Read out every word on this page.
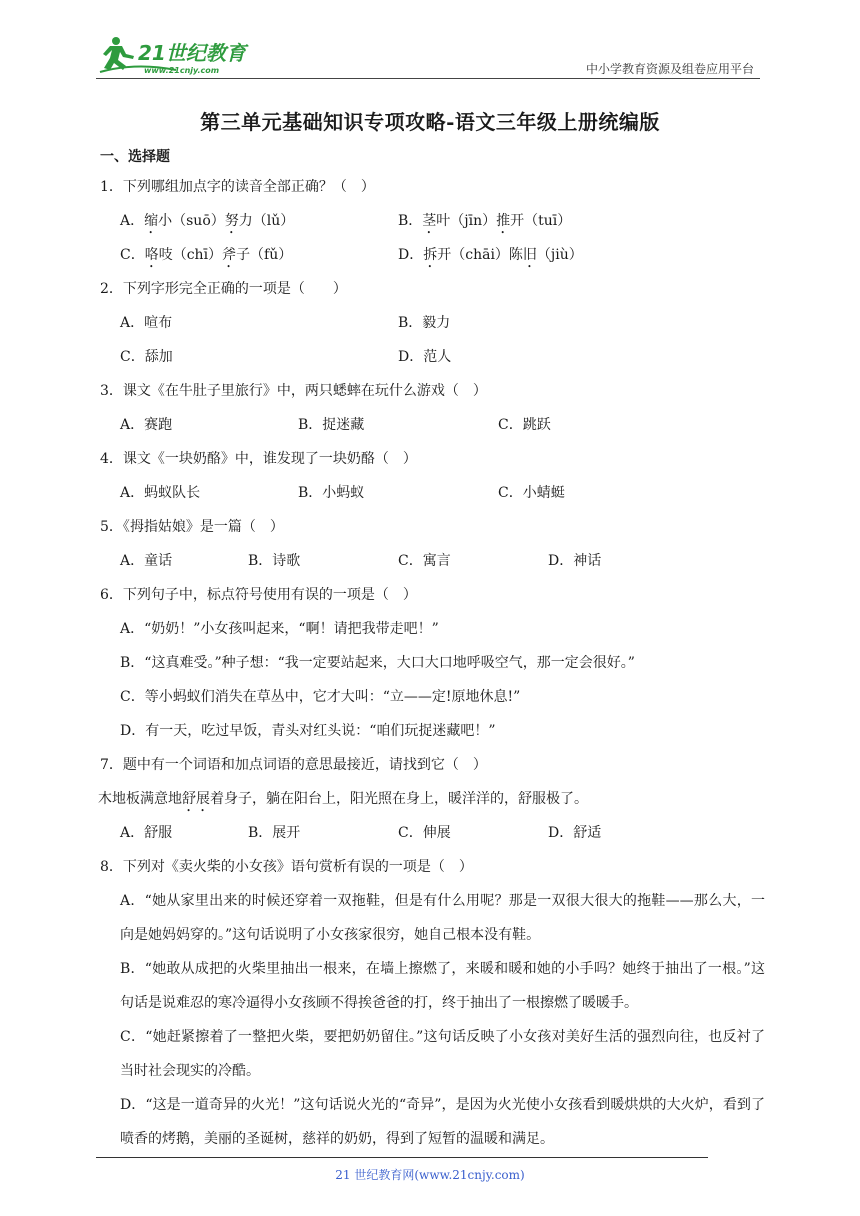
21世纪教育
www.21cnjy.com	中小学教育资源及组卷应用平台
第三单元基础知识专项攻略-语文三年级上册统编版
一、选择题
1．下列哪组加点字的读音全部正确？（　）
A．缩小（suō）努力（lǔ）	B．茎叶（jīn）推开（tuī）
C．咯吱（chī）斧子（fǔ）	D．拆开（chāi）陈旧（jiù）
2．下列字形完全正确的一项是（　　）
A．喧布	B．毅力
C．舔加	D．范人
3．课文《在牛肚子里旅行》中，两只蟋蟀在玩什么游戏（　）
A．赛跑	B．捉迷藏	C．跳跃
4．课文《一块奶酪》中，谁发现了一块奶酪（　）
A．蚂蚁队长	B．小蚂蚁	C．小蜻蜓
5．《拇指姑娘》是一篇（　）
A．童话	B．诗歌	C．寓言	D．神话
6．下列句子中，标点符号使用有误的一项是（　）
A．“奶奶！”小女孩叫起来，“啊！请把我带走吧！”
B．“这真难受。”种子想：“我一定要站起来，大口大口地呼吸空气，那一定会很好。”
C．等小蚂蚁们消失在草丛中，它才大叫：“立——定!原地休息!”
D．有一天，吃过早饭，青头对红头说：“咱们玩捉迷藏吧！”
7．题中有一个词语和加点词语的意思最接近，请找到它（　）
木地板满意地舒展着身子，躺在阳台上，阳光照在身上，暖洋洋的，舒服极了。
A．舒服	B．展开	C．伸展	D．舒适
8．下列对《卖火柴的小女孩》语句赏析有误的一项是（　）
A．“她从家里出来的时候还穿着一双拖鞋，但是有什么用呢？那是一双很大很大的拖鞋——那么大，一向是她妈妈穿的。”这句话说明了小女孩家很穷，她自己根本没有鞋。
B．“她敢从成把的火柴里抽出一根来，在墙上擦燃了，来暖和暖和她的小手吗？她终于抽出了一根。”这句话是说难忍的寒冷逼得小女孩顾不得挨爸爸的打，终于抽出了一根擦燃了暖暖手。
C．“她赶紧擦着了一整把火柴，要把奶奶留住。”这句话反映了小女孩对美好生活的强烈向往，也反衬了当时社会现实的冷酷。
D．“这是一道奇异的火光！”这句话说火光的“奇异”，是因为火光使小女孩看到暖烘烘的大火炉，看到了喷香的烤鹅，美丽的圣诞树，慈祥的奶奶，得到了短暂的温暖和满足。
21 世纪教育网(www.21cnjy.com)
